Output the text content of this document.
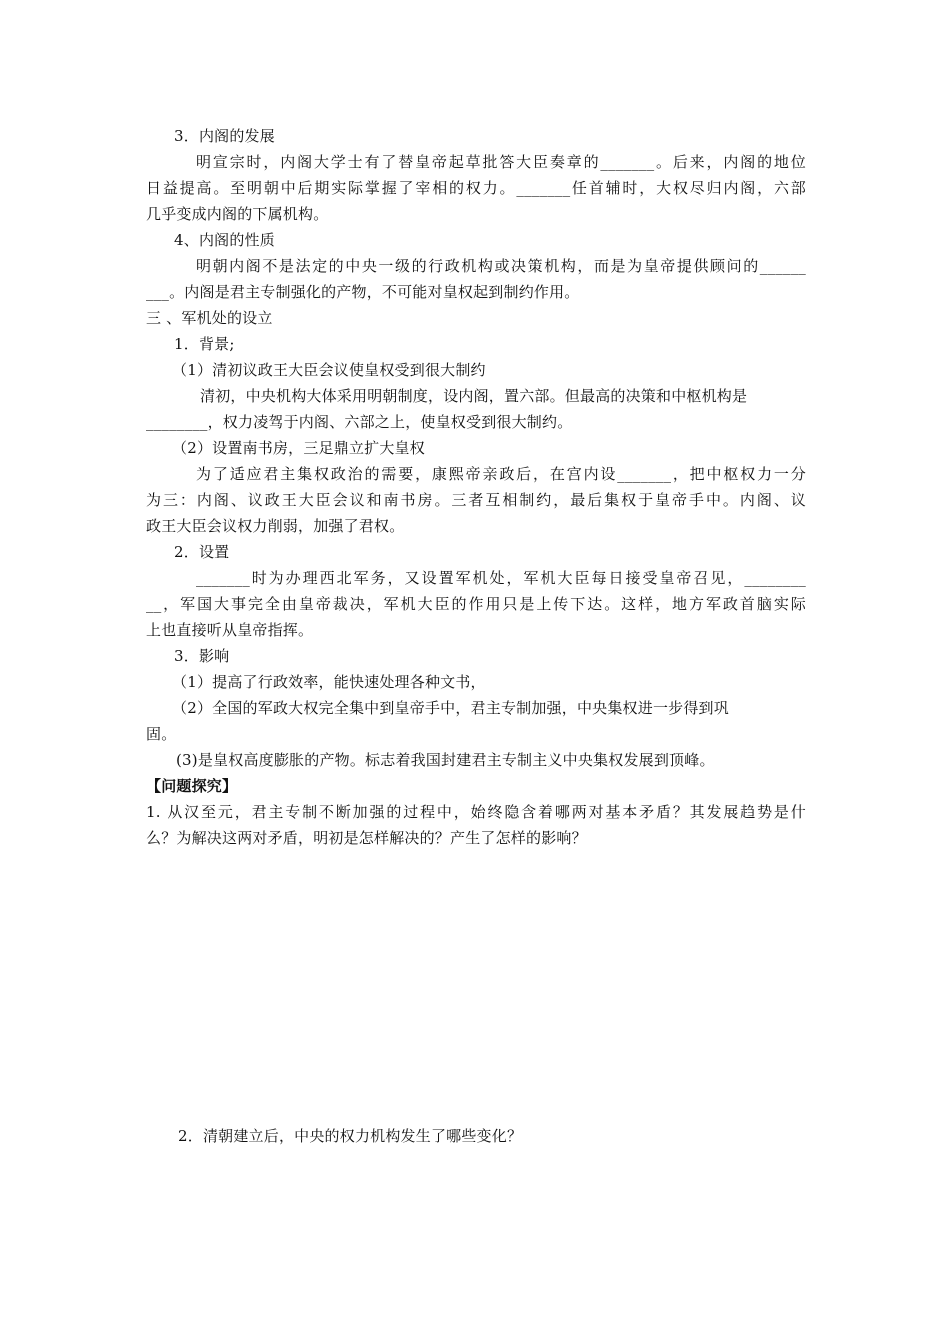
3．内阁的发展
明宣宗时，内阁大学士有了替皇帝起草批答大臣奏章的_______。后来，内阁的地位
日益提高。至明朝中后期实际掌握了宰相的权力。_______任首辅时，大权尽归内阁，六部
几乎变成内阁的下属机构。
4、内阁的性质
明朝内阁不是法定的中央一级的行政机构或决策机构，而是为皇帝提供顾问的______
___。内阁是君主专制强化的产物，不可能对皇权起到制约作用。
三 、军机处的设立
1．背景;
（1）清初议政王大臣会议使皇权受到很大制约
清初，中央机构大体采用明朝制度，设内阁，置六部。但最高的决策和中枢机构是
________，权力凌驾于内阁、六部之上，使皇权受到很大制约。
（2）设置南书房，三足鼎立扩大皇权
为了适应君主集权政治的需要，康熙帝亲政后，在宫内设_______，把中枢权力一分
为三：内阁、议政王大臣会议和南书房。三者互相制约，最后集权于皇帝手中。内阁、议
政王大臣会议权力削弱，加强了君权。
2．设置
_______时为办理西北军务，又设置军机处，军机大臣每日接受皇帝召见，________
__，军国大事完全由皇帝裁决，军机大臣的作用只是上传下达。这样，地方军政首脑实际
上也直接听从皇帝指挥。
3．影响
（1）提高了行政效率，能快速处理各种文书，
（2）全国的军政大权完全集中到皇帝手中，君主专制加强，中央集权进一步得到巩
固。
(3)是皇权高度膨胀的产物。标志着我国封建君主专制主义中央集权发展到顶峰。
【问题探究】
1. 从汉至元，君主专制不断加强的过程中，始终隐含着哪两对基本矛盾？其发展趋势是什
么？为解决这两对矛盾，明初是怎样解决的？产生了怎样的影响？
2．清朝建立后，中央的权力机构发生了哪些变化？
